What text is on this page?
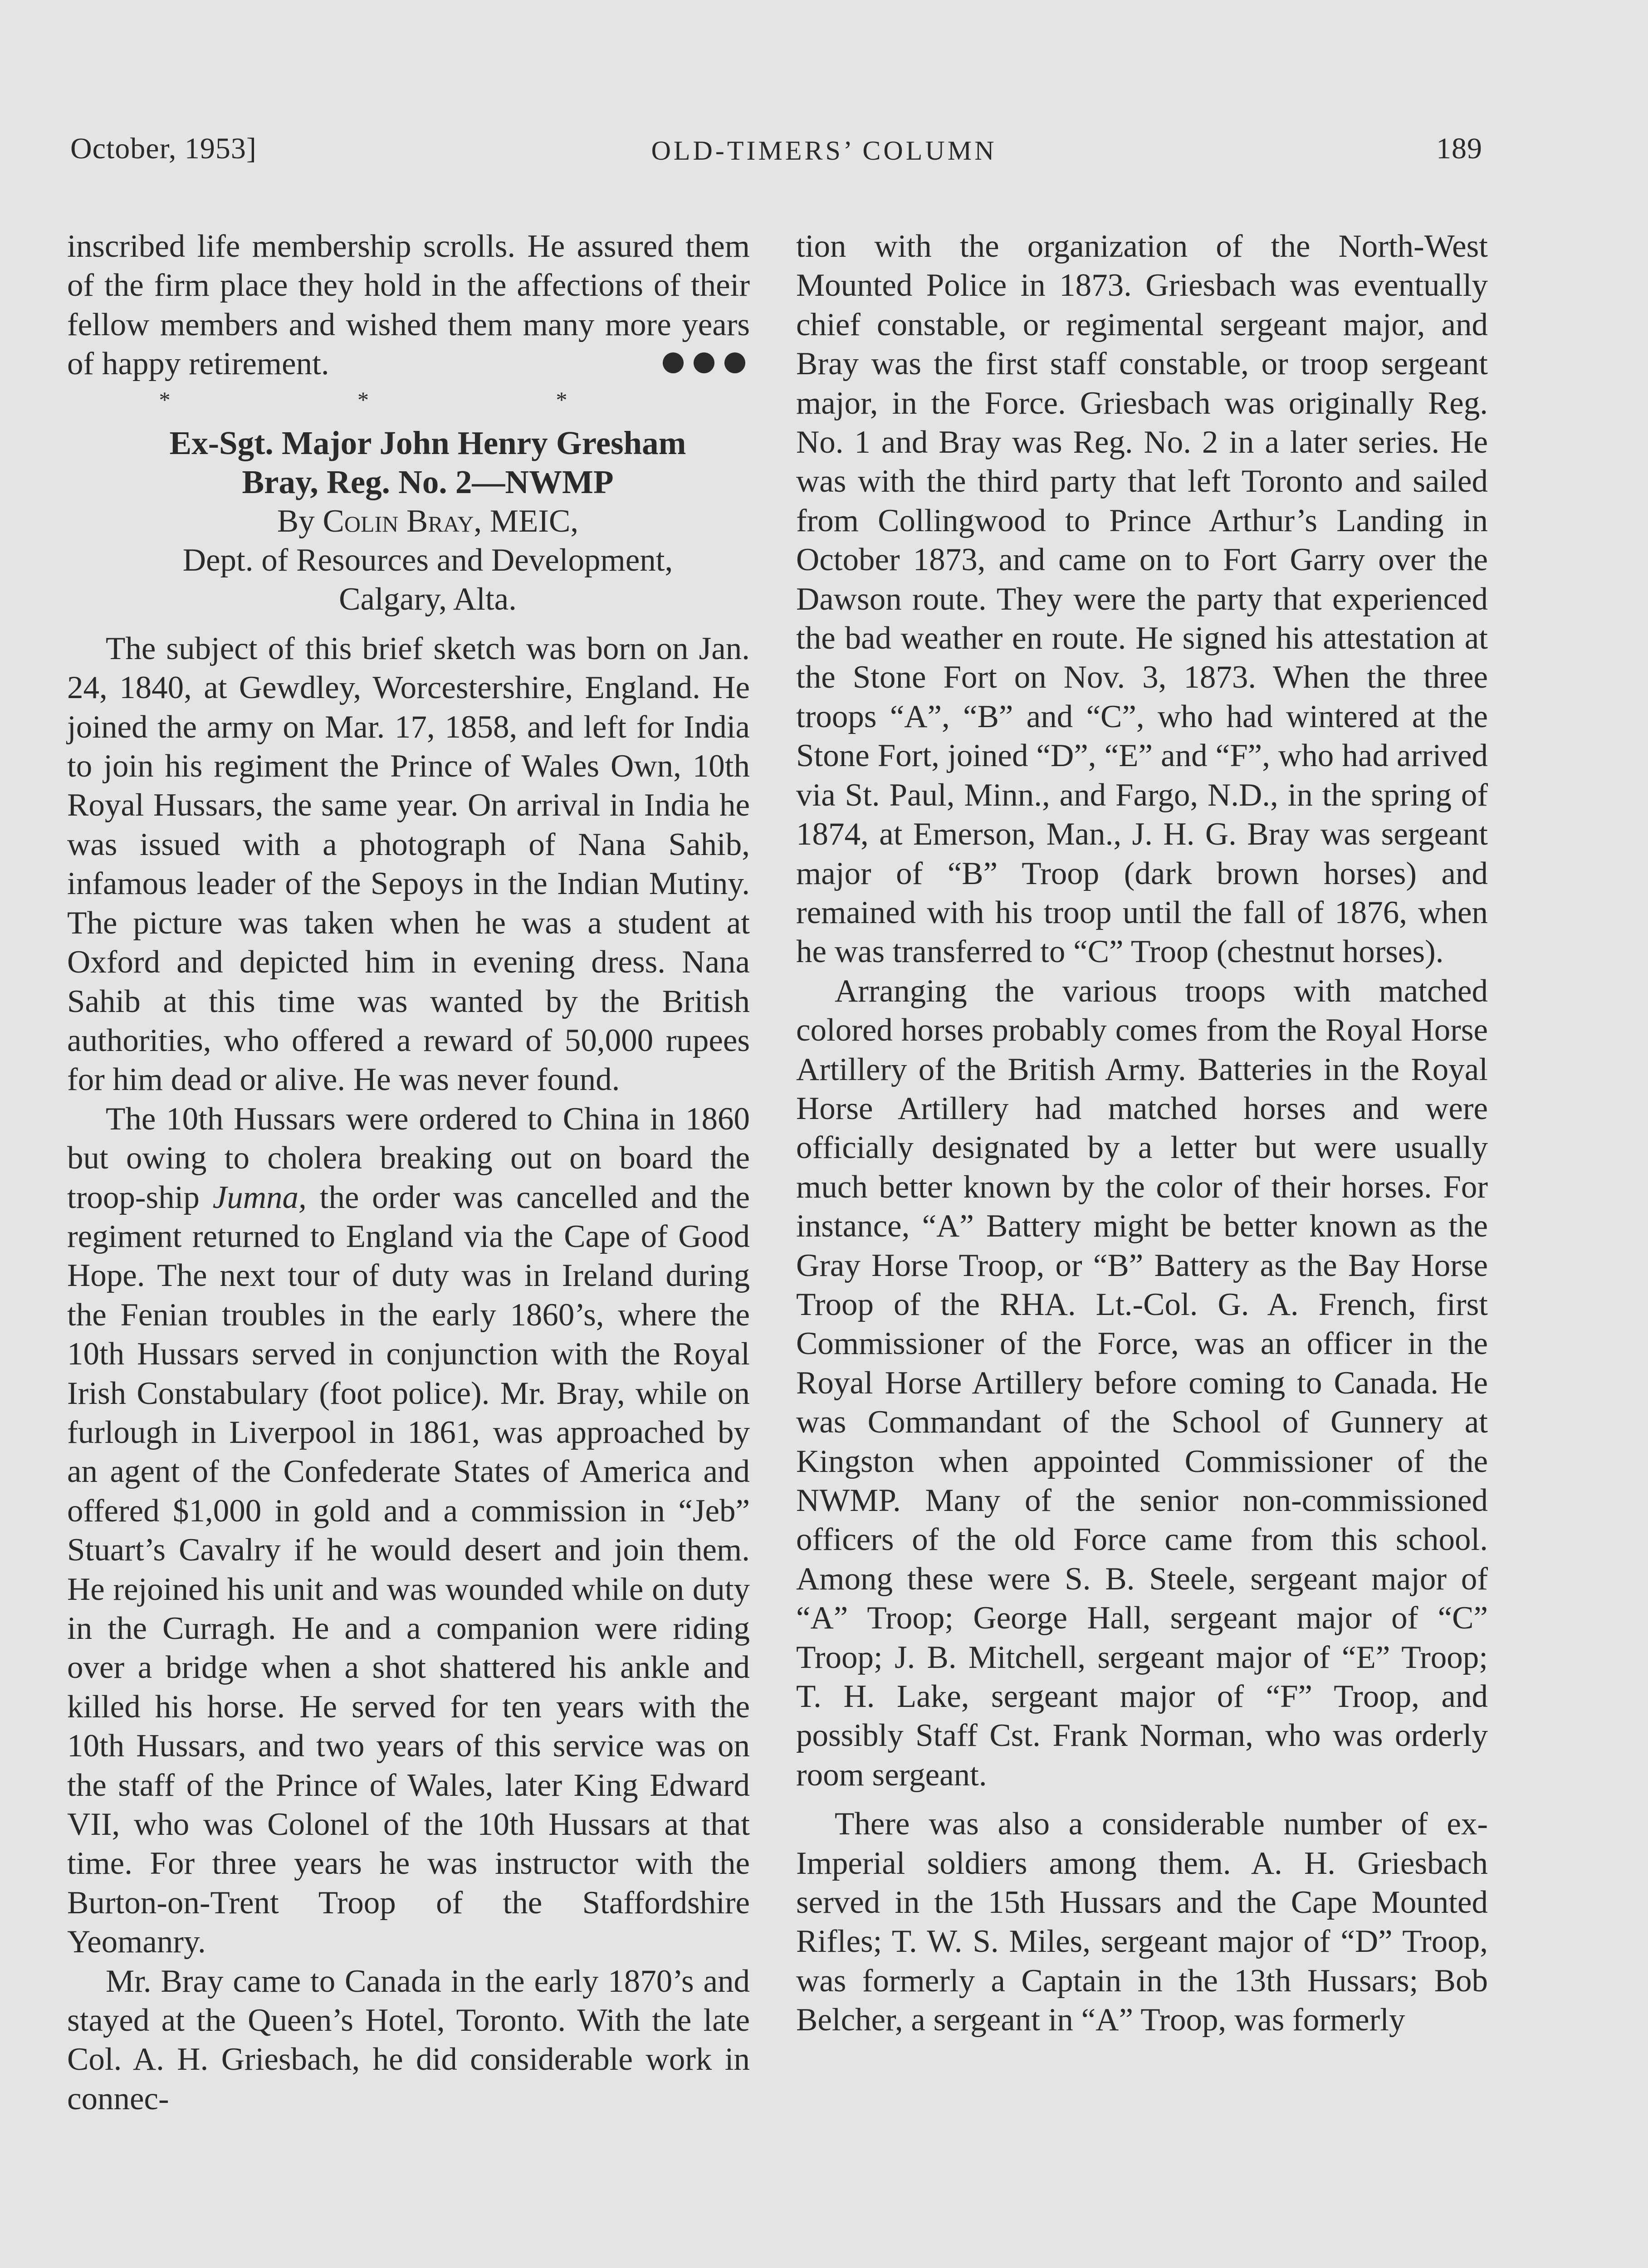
October, 1953]	OLD-TIMERS’ COLUMN	189

inscribed life membership scrolls. He assured them of the firm place they hold in the affections of their fellow members and wished them many more years of happy retirement.

* * *

Ex-Sgt. Major John Henry Gresham

Bray, Reg. No. 2—NWMP

By Colin Bray, MEIC,

Dept. of Resources and Development,

Calgary, Alta.

The subject of this brief sketch was born on Jan. 24, 1840, at Gewdley, Worcestershire, England. He joined the army on Mar. 17, 1858, and left for India to join his regiment the Prince of Wales Own, 10th Royal Hussars, the same year. On arrival in India he was issued with a photograph of Nana Sahib, infamous leader of the Sepoys in the Indian Mutiny. The picture was taken when he was a student at Oxford and depicted him in evening dress. Nana Sahib at this time was wanted by the British authorities, who offered a reward of 50,000 rupees for him dead or alive. He was never found.

The 10th Hussars were ordered to China in 1860 but owing to cholera breaking out on board the troop-ship Jumna, the order was cancelled and the regiment returned to England via the Cape of Good Hope. The next tour of duty was in Ireland during the Fenian troubles in the early 1860’s, where the 10th Hussars served in conjunction with the Royal Irish Constabulary (foot police). Mr. Bray, while on furlough in Liverpool in 1861, was approached by an agent of the Confederate States of America and offered $1,000 in gold and a commission in “Jeb” Stuart’s Cavalry if he would desert and join them. He rejoined his unit and was wounded while on duty in the Curragh. He and a companion were riding over a bridge when a shot shattered his ankle and killed his horse. He served for ten years with the 10th Hussars, and two years of this service was on the staff of the Prince of Wales, later King Edward VII, who was Colonel of the 10th Hussars at that time. For three years he was instructor with the Burton-on-Trent Troop of the Staffordshire Yeomanry.

Mr. Bray came to Canada in the early 1870’s and stayed at the Queen’s Hotel, Toronto. With the late Col. A. H. Griesbach, he did considerable work in connec-

tion with the organization of the North-West Mounted Police in 1873. Griesbach was eventually chief constable, or regimental sergeant major, and Bray was the first staff constable, or troop sergeant major, in the Force. Griesbach was originally Reg. No. 1 and Bray was Reg. No. 2 in a later series. He was with the third party that left Toronto and sailed from Collingwood to Prince Arthur’s Landing in October 1873, and came on to Fort Garry over the Dawson route. They were the party that experienced the bad weather en route. He signed his attestation at the Stone Fort on Nov. 3, 1873. When the three troops “A”, “B” and “C”, who had wintered at the Stone Fort, joined “D”, “E” and “F”, who had arrived via St. Paul, Minn., and Fargo, N.D., in the spring of 1874, at Emerson, Man., J. H. G. Bray was sergeant major of “B” Troop (dark brown horses) and remained with his troop until the fall of 1876, when he was transferred to “C” Troop (chestnut horses).

Arranging the various troops with matched colored horses probably comes from the Royal Horse Artillery of the British Army. Batteries in the Royal Horse Artillery had matched horses and were officially designated by a letter but were usually much better known by the color of their horses. For instance, “A” Battery might be better known as the Gray Horse Troop, or “B” Battery as the Bay Horse Troop of the RHA. Lt.-Col. G. A. French, first Commissioner of the Force, was an officer in the Royal Horse Artillery before coming to Canada. He was Commandant of the School of Gunnery at Kingston when appointed Commissioner of the NWMP. Many of the senior non-commissioned officers of the old Force came from this school. Among these were S. B. Steele, sergeant major of “A” Troop; George Hall, sergeant major of “C” Troop; J. B. Mitchell, sergeant major of “E” Troop; T. H. Lake, sergeant major of “F” Troop, and possibly Staff Cst. Frank Norman, who was orderly room sergeant.

There was also a considerable number of ex-Imperial soldiers among them. A. H. Griesbach served in the 15th Hussars and the Cape Mounted Rifles; T. W. S. Miles, sergeant major of “D” Troop, was formerly a Captain in the 13th Hussars; Bob Belcher, a sergeant in “A” Troop, was formerly
